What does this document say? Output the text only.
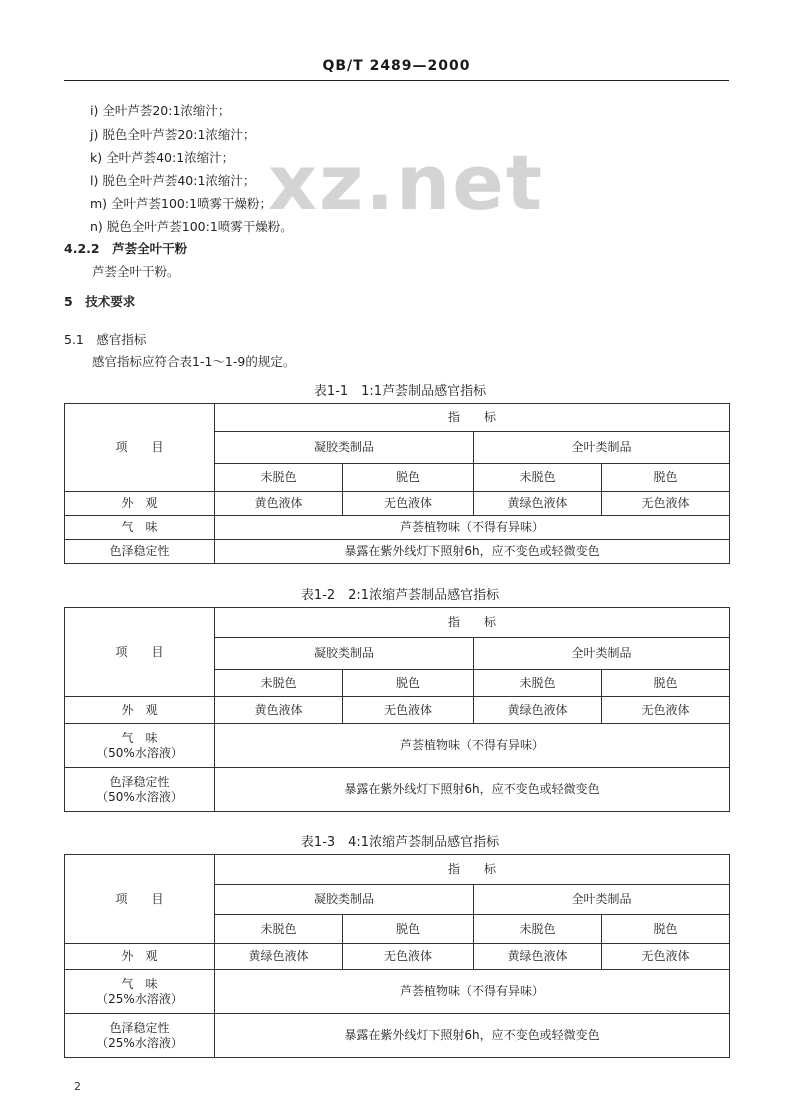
QB/T 2489—2000
xz.net
i) 全叶芦荟20:1浓缩汁；
j) 脱色全叶芦荟20:1浓缩汁；
k) 全叶芦荟40:1浓缩汁；
l) 脱色全叶芦荟40:1浓缩汁；
m) 全叶芦荟100:1喷雾干燥粉；
n) 脱色全叶芦荟100:1喷雾干燥粉。
4.2.2　芦荟全叶干粉
芦荟全叶干粉。
5　技术要求
5.1　感官指标
感官指标应符合表1-1～1-9的规定。
表1-1　1:1芦荟制品感官指标
项　　目	指　　标			
	凝胶类制品		全叶类制品	
	未脱色	脱色	未脱色	脱色
外　观	黄色液体	无色液体	黄绿色液体	无色液体

气　味	芦荟植物味（不得有异味）			

色泽稳定性	暴露在紫外线灯下照射6h，应不变色或轻微变色			
表1-2　2:1浓缩芦荟制品感官指标
项　　目	指　　标			
	凝胶类制品		全叶类制品	
	未脱色	脱色	未脱色	脱色
外　观	黄色液体	无色液体	黄绿色液体	无色液体

气　味
（50%水溶液）	芦荟植物味（不得有异味）			

色泽稳定性
（50%水溶液）	暴露在紫外线灯下照射6h，应不变色或轻微变色			
表1-3　4:1浓缩芦荟制品感官指标
项　　目	指　　标			
	凝胶类制品		全叶类制品	
	未脱色	脱色	未脱色	脱色
外　观	黄绿色液体	无色液体	黄绿色液体	无色液体

气　味
（25%水溶液）	芦荟植物味（不得有异味）			

色泽稳定性
（25%水溶液）	暴露在紫外线灯下照射6h，应不变色或轻微变色			
2
